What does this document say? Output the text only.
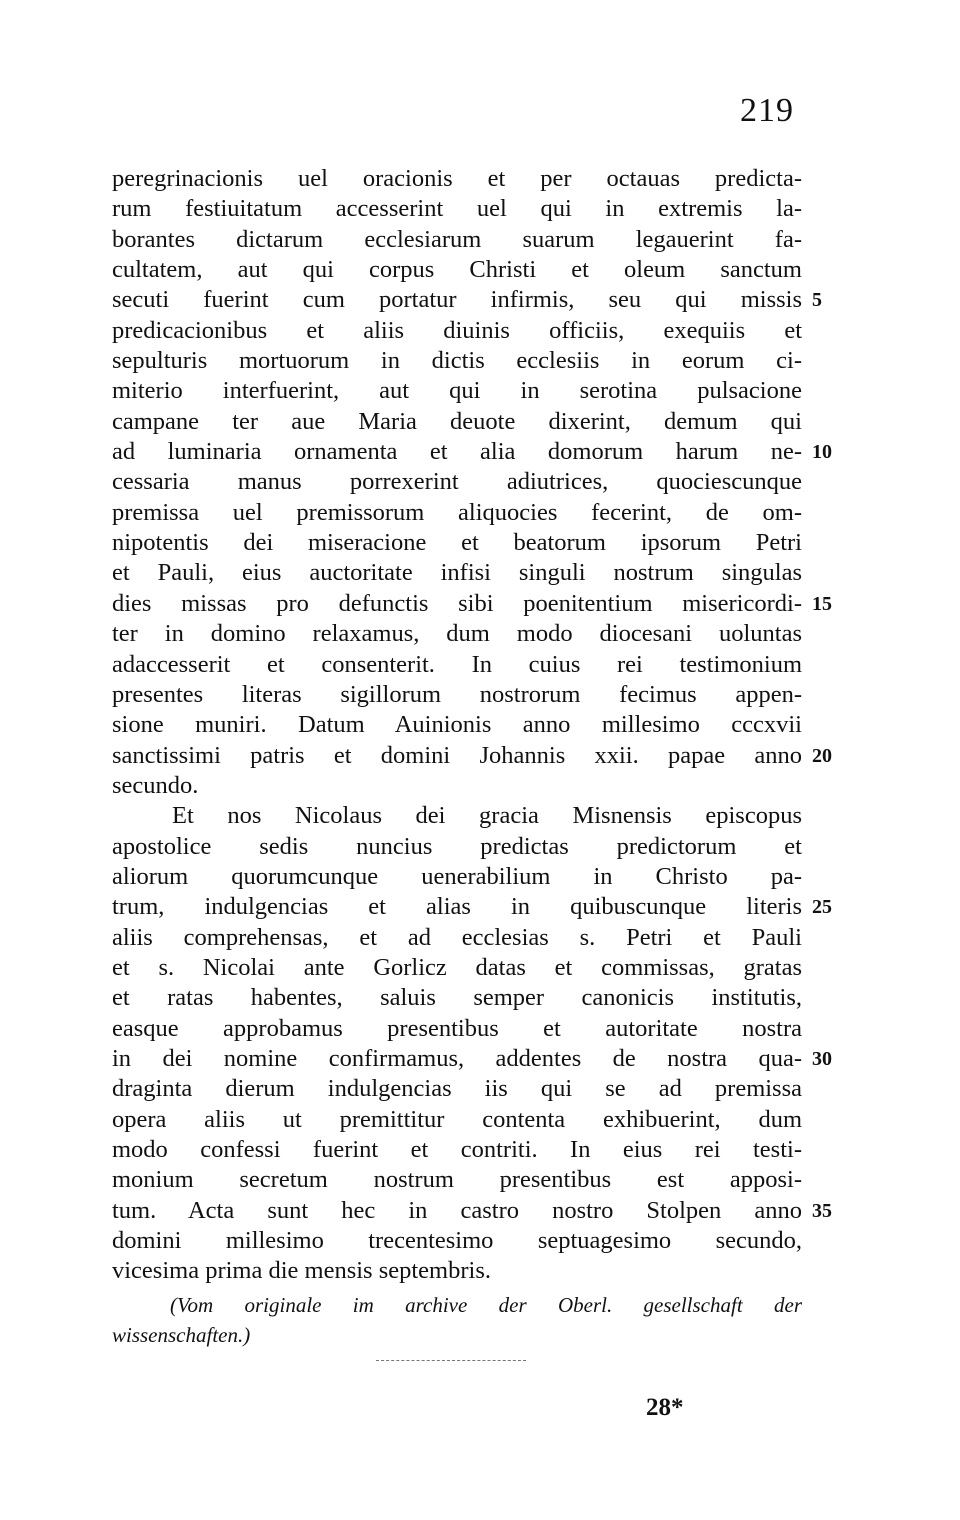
219
peregrinacionis uel oracionis et per octauas predicta-
rum festiuitatum accesserint uel qui in extremis la-
borantes dictarum ecclesiarum suarum legauerint fa-
cultatem, aut qui corpus Christi et oleum sanctum
secuti fuerint cum portatur infirmis, seu qui missis 5
predicacionibus et aliis diuinis officiis, exequiis et
sepulturis mortuorum in dictis ecclesiis in eorum ci-
miterio interfuerint, aut qui in serotina pulsacione
campane ter aue Maria deuote dixerint, demum qui
ad luminaria ornamenta et alia domorum harum ne- 10
cessaria manus porrexerint adiutrices, quociescunque
premissa uel premissorum aliquocies fecerint, de om-
nipotentis dei miseracione et beatorum ipsorum Petri
et Pauli, eius auctoritate infisi singuli nostrum singulas
dies missas pro defunctis sibi poenitentium misericordi- 15
ter in domino relaxamus, dum modo diocesani uoluntas
adaccesserit et consenterit. In cuius rei testimonium
presentes literas sigillorum nostrorum fecimus appen-
sione muniri. Datum Auinionis anno millesimo cccxvii
sanctissimi patris et domini Johannis xxii. papae anno 20
secundo.
Et nos Nicolaus dei gracia Misnensis episcopus
apostolice sedis nuncius predictas predictorum et
aliorum quorumcunque uenerabilium in Christo pa-
trum, indulgencias et alias in quibuscunque literis 25
aliis comprehensas, et ad ecclesias s. Petri et Pauli
et s. Nicolai ante Gorlicz datas et commissas, gratas
et ratas habentes, saluis semper canonicis institutis,
easque approbamus presentibus et autoritate nostra
in dei nomine confirmamus, addentes de nostra qua- 30
draginta dierum indulgencias iis qui se ad premissa
opera aliis ut premittitur contenta exhibuerint, dum
modo confessi fuerint et contriti. In eius rei testi-
monium secretum nostrum presentibus est apposi-
tum. Acta sunt hec in castro nostro Stolpen anno 35
domini millesimo trecentesimo septuagesimo secundo,
vicesima prima die mensis septembris.
(Vom originale im archive der Oberl. gesellschaft der
wissenschaften.)
28*
